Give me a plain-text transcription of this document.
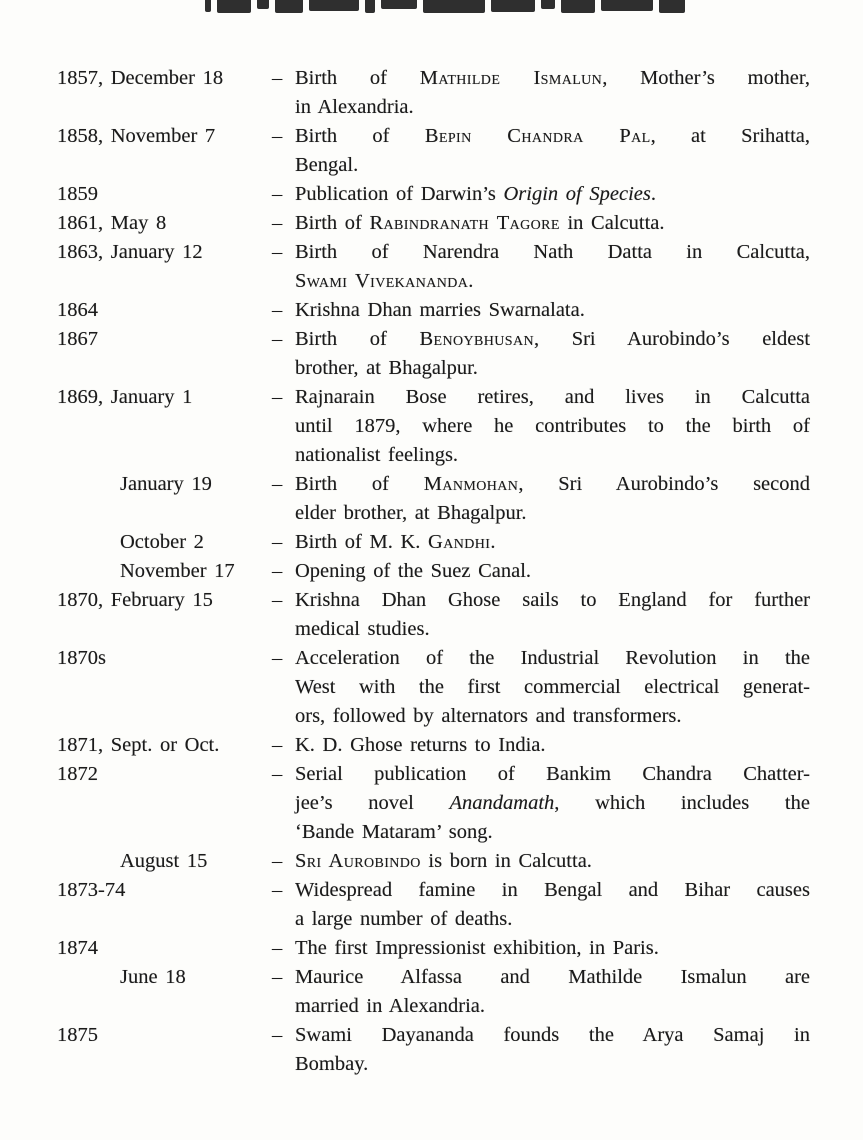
1857, December 18	– Birth of Mathilde Ismalun, Mother’s mother,
in Alexandria.
1858, November 7	– Birth of Bepin Chandra Pal, at Srihatta,
Bengal.
1859	– Publication of Darwin’s Origin of Species.
1861, May 8	– Birth of Rabindranath Tagore in Calcutta.
1863, January 12	– Birth of Narendra Nath Datta in Calcutta,
Swami Vivekananda.
1864	– Krishna Dhan marries Swarnalata.
1867	– Birth of Benoybhusan, Sri Aurobindo’s eldest
brother, at Bhagalpur.
1869, January 1	– Rajnarain Bose retires, and lives in Calcutta
until 1879, where he contributes to the birth of
nationalist feelings.
January 19	– Birth of Manmohan, Sri Aurobindo’s second
elder brother, at Bhagalpur.
October 2	– Birth of M. K. Gandhi.
November 17	– Opening of the Suez Canal.
1870, February 15	– Krishna Dhan Ghose sails to England for further
medical studies.
1870s	– Acceleration of the Industrial Revolution in the
West with the first commercial electrical generat-
ors, followed by alternators and transformers.
1871, Sept. or Oct.	– K. D. Ghose returns to India.
1872	– Serial publication of Bankim Chandra Chatter-
jee’s novel Anandamath, which includes the
‘Bande Mataram’ song.
August 15	– Sri Aurobindo is born in Calcutta.
1873-74	– Widespread famine in Bengal and Bihar causes
a large number of deaths.
1874	– The first Impressionist exhibition, in Paris.
June 18	– Maurice Alfassa and Mathilde Ismalun are
married in Alexandria.
1875	– Swami Dayananda founds the Arya Samaj in
Bombay.
